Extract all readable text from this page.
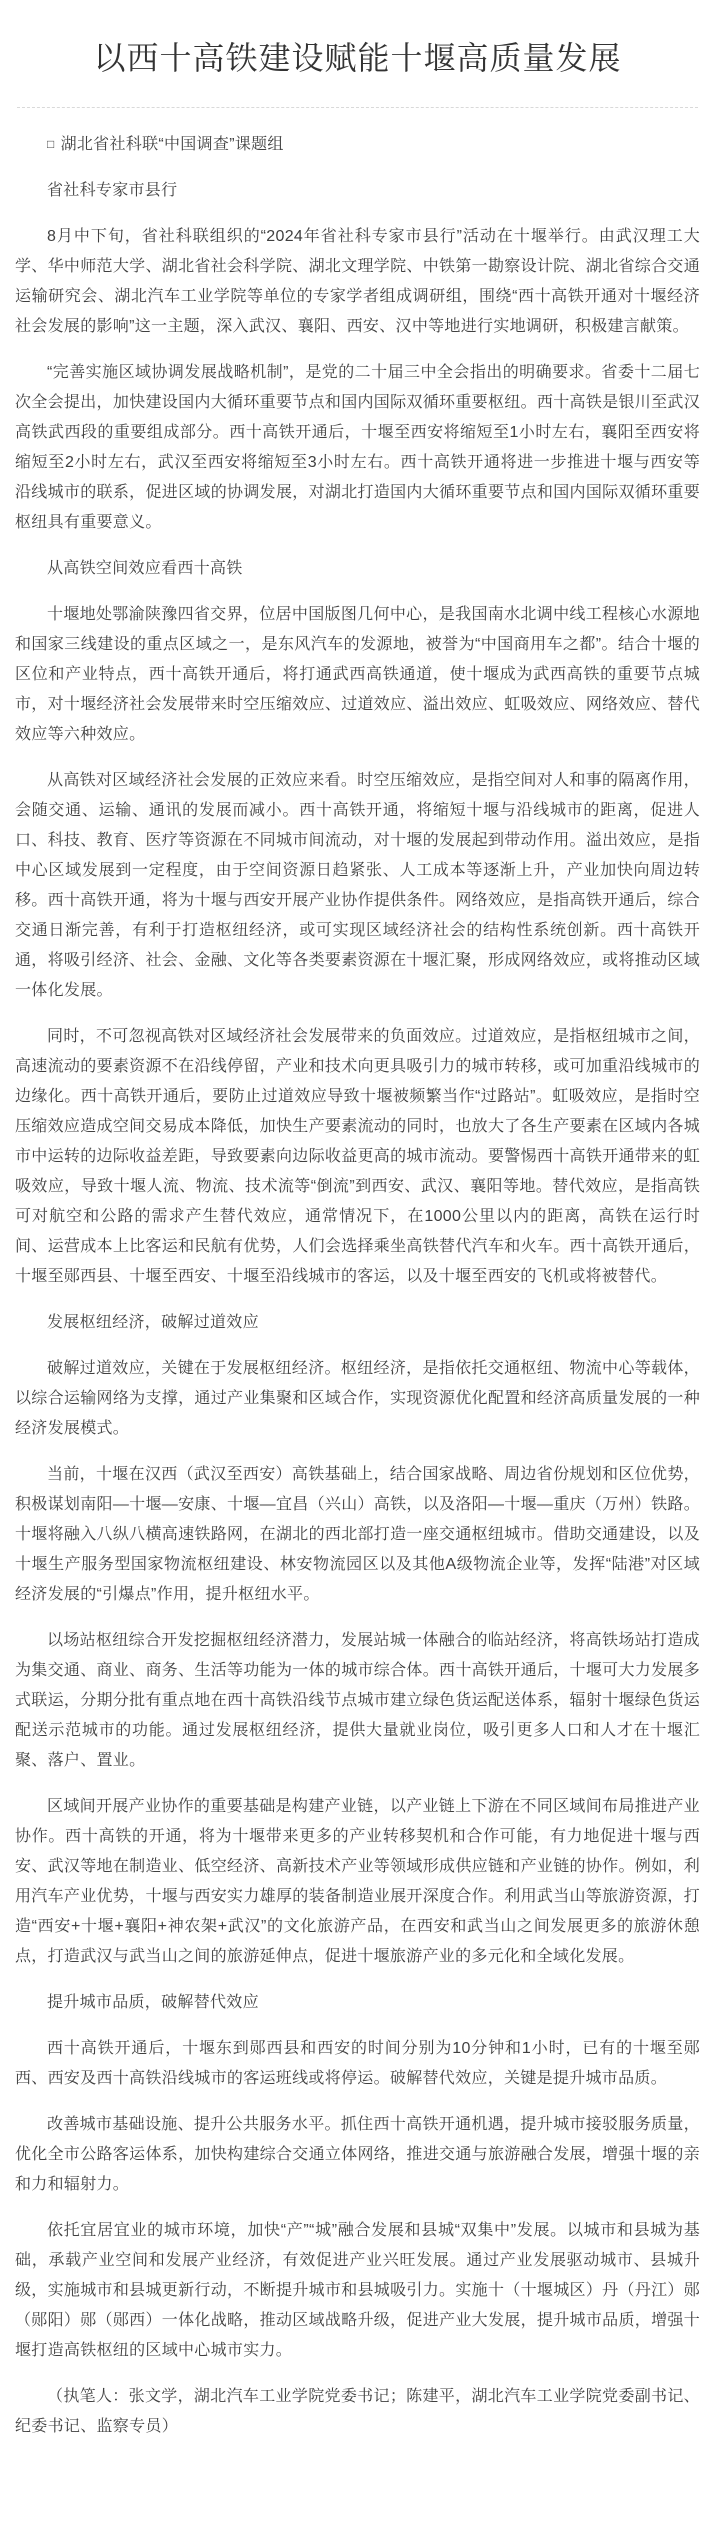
以西十高铁建设赋能十堰高质量发展

□ 湖北省社科联“中国调查”课题组

省社科专家市县行

8月中下旬，省社科联组织的“2024年省社科专家市县行”活动在十堰举行。由武汉理工大学、华中师范大学、湖北省社会科学院、湖北文理学院、中铁第一勘察设计院、湖北省综合交通运输研究会、湖北汽车工业学院等单位的专家学者组成调研组，围绕“西十高铁开通对十堰经济社会发展的影响”这一主题，深入武汉、襄阳、西安、汉中等地进行实地调研，积极建言献策。

“完善实施区域协调发展战略机制”，是党的二十届三中全会指出的明确要求。省委十二届七次全会提出，加快建设国内大循环重要节点和国内国际双循环重要枢纽。西十高铁是银川至武汉高铁武西段的重要组成部分。西十高铁开通后，十堰至西安将缩短至1小时左右，襄阳至西安将缩短至2小时左右，武汉至西安将缩短至3小时左右。西十高铁开通将进一步推进十堰与西安等沿线城市的联系，促进区域的协调发展，对湖北打造国内大循环重要节点和国内国际双循环重要枢纽具有重要意义。

从高铁空间效应看西十高铁

十堰地处鄂渝陕豫四省交界，位居中国版图几何中心，是我国南水北调中线工程核心水源地和国家三线建设的重点区域之一，是东风汽车的发源地，被誉为“中国商用车之都”。结合十堰的区位和产业特点，西十高铁开通后，将打通武西高铁通道，使十堰成为武西高铁的重要节点城市，对十堰经济社会发展带来时空压缩效应、过道效应、溢出效应、虹吸效应、网络效应、替代效应等六种效应。

从高铁对区域经济社会发展的正效应来看。时空压缩效应，是指空间对人和事的隔离作用，会随交通、运输、通讯的发展而减小。西十高铁开通，将缩短十堰与沿线城市的距离，促进人口、科技、教育、医疗等资源在不同城市间流动，对十堰的发展起到带动作用。溢出效应，是指中心区域发展到一定程度，由于空间资源日趋紧张、人工成本等逐渐上升，产业加快向周边转移。西十高铁开通，将为十堰与西安开展产业协作提供条件。网络效应，是指高铁开通后，综合交通日渐完善，有利于打造枢纽经济，或可实现区域经济社会的结构性系统创新。西十高铁开通，将吸引经济、社会、金融、文化等各类要素资源在十堰汇聚，形成网络效应，或将推动区域一体化发展。

同时，不可忽视高铁对区域经济社会发展带来的负面效应。过道效应，是指枢纽城市之间，高速流动的要素资源不在沿线停留，产业和技术向更具吸引力的城市转移，或可加重沿线城市的边缘化。西十高铁开通后，要防止过道效应导致十堰被频繁当作“过路站”。虹吸效应，是指时空压缩效应造成空间交易成本降低，加快生产要素流动的同时，也放大了各生产要素在区域内各城市中运转的边际收益差距，导致要素向边际收益更高的城市流动。要警惕西十高铁开通带来的虹吸效应，导致十堰人流、物流、技术流等“倒流”到西安、武汉、襄阳等地。替代效应，是指高铁可对航空和公路的需求产生替代效应，通常情况下，在1000公里以内的距离，高铁在运行时间、运营成本上比客运和民航有优势，人们会选择乘坐高铁替代汽车和火车。西十高铁开通后，十堰至郧西县、十堰至西安、十堰至沿线城市的客运，以及十堰至西安的飞机或将被替代。

发展枢纽经济，破解过道效应

破解过道效应，关键在于发展枢纽经济。枢纽经济，是指依托交通枢纽、物流中心等载体，以综合运输网络为支撑，通过产业集聚和区域合作，实现资源优化配置和经济高质量发展的一种经济发展模式。

当前，十堰在汉西（武汉至西安）高铁基础上，结合国家战略、周边省份规划和区位优势，积极谋划南阳—十堰—安康、十堰—宜昌（兴山）高铁，以及洛阳—十堰—重庆（万州）铁路。十堰将融入八纵八横高速铁路网，在湖北的西北部打造一座交通枢纽城市。借助交通建设，以及十堰生产服务型国家物流枢纽建设、林安物流园区以及其他A级物流企业等，发挥“陆港”对区域经济发展的“引爆点”作用，提升枢纽水平。

以场站枢纽综合开发挖掘枢纽经济潜力，发展站城一体融合的临站经济，将高铁场站打造成为集交通、商业、商务、生活等功能为一体的城市综合体。西十高铁开通后，十堰可大力发展多式联运，分期分批有重点地在西十高铁沿线节点城市建立绿色货运配送体系，辐射十堰绿色货运配送示范城市的功能。通过发展枢纽经济，提供大量就业岗位，吸引更多人口和人才在十堰汇聚、落户、置业。

区域间开展产业协作的重要基础是构建产业链，以产业链上下游在不同区域间布局推进产业协作。西十高铁的开通，将为十堰带来更多的产业转移契机和合作可能，有力地促进十堰与西安、武汉等地在制造业、低空经济、高新技术产业等领域形成供应链和产业链的协作。例如，利用汽车产业优势，十堰与西安实力雄厚的装备制造业展开深度合作。利用武当山等旅游资源，打造“西安+十堰+襄阳+神农架+武汉”的文化旅游产品，在西安和武当山之间发展更多的旅游休憩点，打造武汉与武当山之间的旅游延伸点，促进十堰旅游产业的多元化和全域化发展。

提升城市品质，破解替代效应

西十高铁开通后，十堰东到郧西县和西安的时间分别为10分钟和1小时，已有的十堰至郧西、西安及西十高铁沿线城市的客运班线或将停运。破解替代效应，关键是提升城市品质。

改善城市基础设施、提升公共服务水平。抓住西十高铁开通机遇，提升城市接驳服务质量，优化全市公路客运体系，加快构建综合交通立体网络，推进交通与旅游融合发展，增强十堰的亲和力和辐射力。

依托宜居宜业的城市环境，加快“产”“城”融合发展和县城“双集中”发展。以城市和县城为基础，承载产业空间和发展产业经济，有效促进产业兴旺发展。通过产业发展驱动城市、县城升级，实施城市和县城更新行动，不断提升城市和县城吸引力。实施十（十堰城区）丹（丹江）郧（郧阳）郧（郧西）一体化战略，推动区域战略升级，促进产业大发展，提升城市品质，增强十堰打造高铁枢纽的区域中心城市实力。

（执笔人：张文学，湖北汽车工业学院党委书记；陈建平，湖北汽车工业学院党委副书记、纪委书记、监察专员）
